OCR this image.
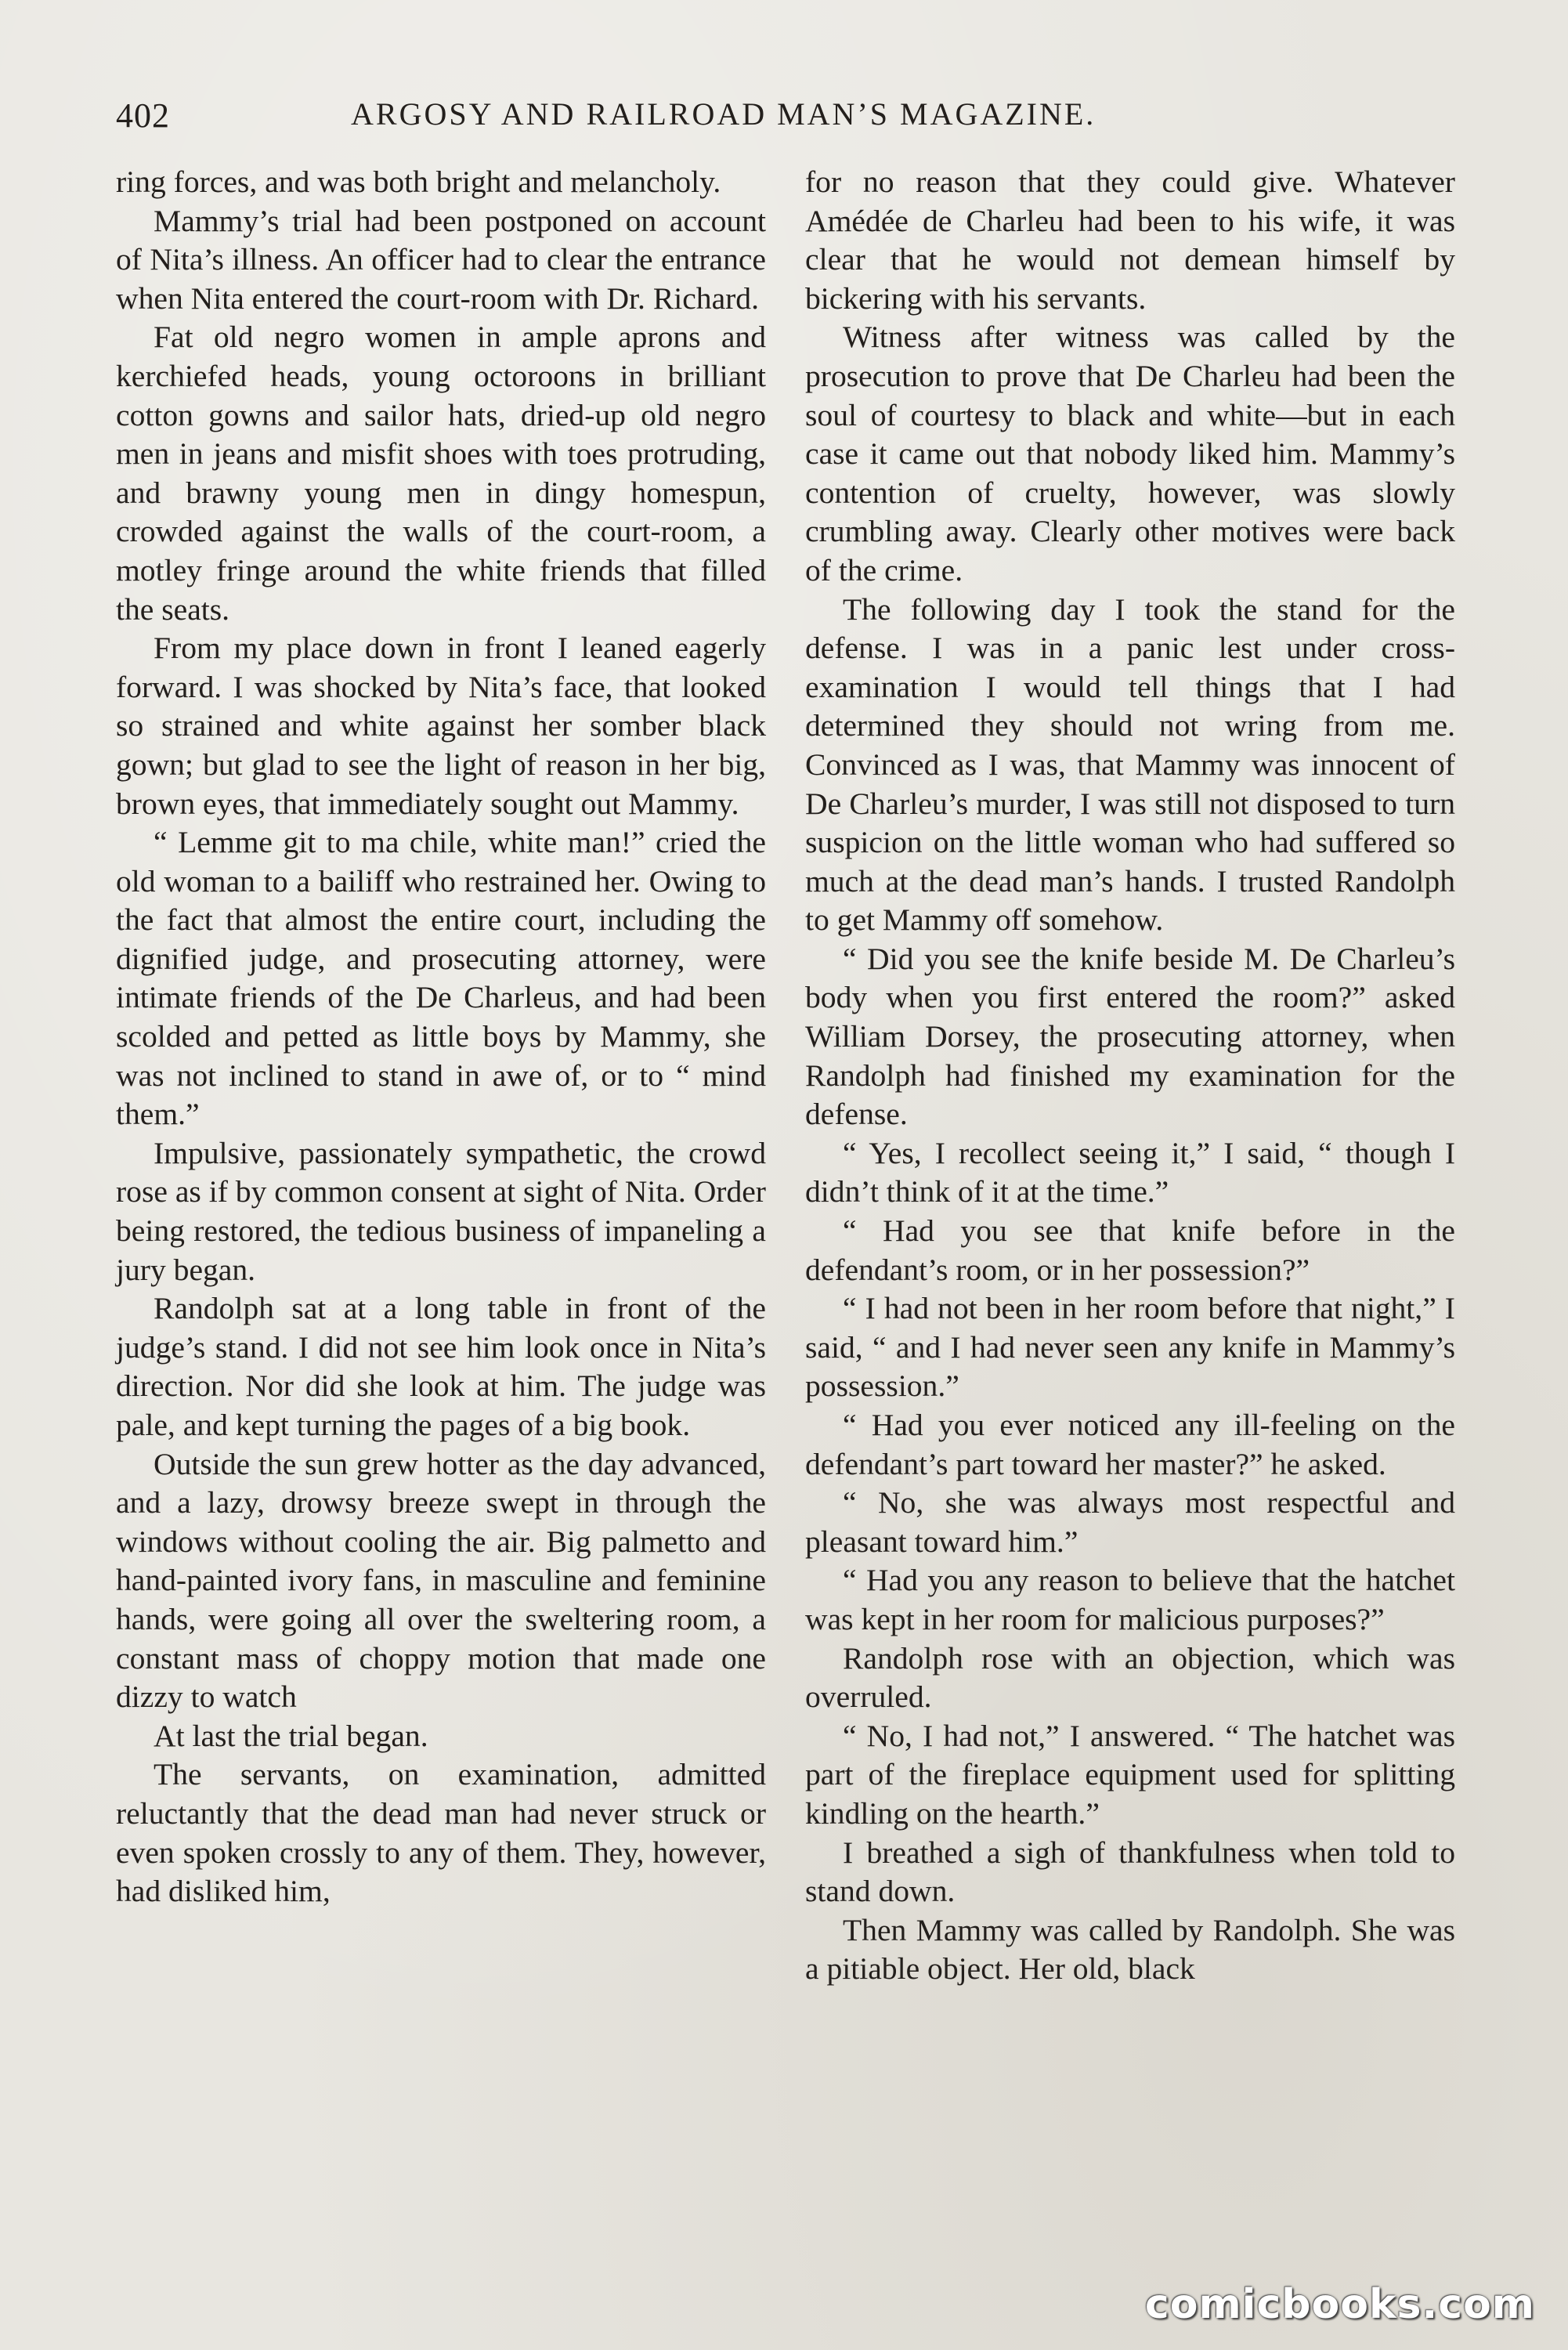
402	ARGOSY AND RAILROAD MAN’S MAGAZINE.

ring forces, and was both bright and melancholy.

Mammy’s trial had been postponed on account of Nita’s illness. An officer had to clear the entrance when Nita entered the court-room with Dr. Richard.

Fat old negro women in ample aprons and kerchiefed heads, young octoroons in brilliant cotton gowns and sailor hats, dried-up old negro men in jeans and misfit shoes with toes protruding, and brawny young men in dingy homespun, crowded against the walls of the court-room, a motley fringe around the white friends that filled the seats.

From my place down in front I leaned eagerly forward. I was shocked by Nita’s face, that looked so strained and white against her somber black gown; but glad to see the light of reason in her big, brown eyes, that immediately sought out Mammy.

“ Lemme git to ma chile, white man!” cried the old woman to a bailiff who restrained her. Owing to the fact that almost the entire court, including the dignified judge, and prosecuting attorney, were intimate friends of the De Charleus, and had been scolded and petted as little boys by Mammy, she was not inclined to stand in awe of, or to “ mind them.”

Impulsive, passionately sympathetic, the crowd rose as if by common consent at sight of Nita. Order being restored, the tedious business of impaneling a jury began.

Randolph sat at a long table in front of the judge’s stand. I did not see him look once in Nita’s direction. Nor did she look at him. The judge was pale, and kept turning the pages of a big book.

Outside the sun grew hotter as the day advanced, and a lazy, drowsy breeze swept in through the windows without cooling the air. Big palmetto and hand-painted ivory fans, in masculine and feminine hands, were going all over the sweltering room, a constant mass of choppy motion that made one dizzy to watch

At last the trial began.

The servants, on examination, admitted reluctantly that the dead man had never struck or even spoken crossly to any of them. They, however, had disliked him,

for no reason that they could give. Whatever Amédée de Charleu had been to his wife, it was clear that he would not demean himself by bickering with his servants.

Witness after witness was called by the prosecution to prove that De Charleu had been the soul of courtesy to black and white—but in each case it came out that nobody liked him. Mammy’s contention of cruelty, however, was slowly crumbling away. Clearly other motives were back of the crime.

The following day I took the stand for the defense. I was in a panic lest under cross-examination I would tell things that I had determined they should not wring from me. Convinced as I was, that Mammy was innocent of De Charleu’s murder, I was still not disposed to turn suspicion on the little woman who had suffered so much at the dead man’s hands. I trusted Randolph to get Mammy off somehow.

“ Did you see the knife beside M. De Charleu’s body when you first entered the room?” asked William Dorsey, the prosecuting attorney, when Randolph had finished my examination for the defense.

“ Yes, I recollect seeing it,” I said, “ though I didn’t think of it at the time.”

“ Had you see that knife before in the defendant’s room, or in her possession?”

“ I had not been in her room before that night,” I said, “ and I had never seen any knife in Mammy’s possession.”

“ Had you ever noticed any ill-feeling on the defendant’s part toward her master?” he asked.

“ No, she was always most respectful and pleasant toward him.”

“ Had you any reason to believe that the hatchet was kept in her room for malicious purposes?”

Randolph rose with an objection, which was overruled.

“ No, I had not,” I answered. “ The hatchet was part of the fireplace equipment used for splitting kindling on the hearth.”

I breathed a sigh of thankfulness when told to stand down.

Then Mammy was called by Randolph. She was a pitiable object. Her old, black

comicbooks.com
